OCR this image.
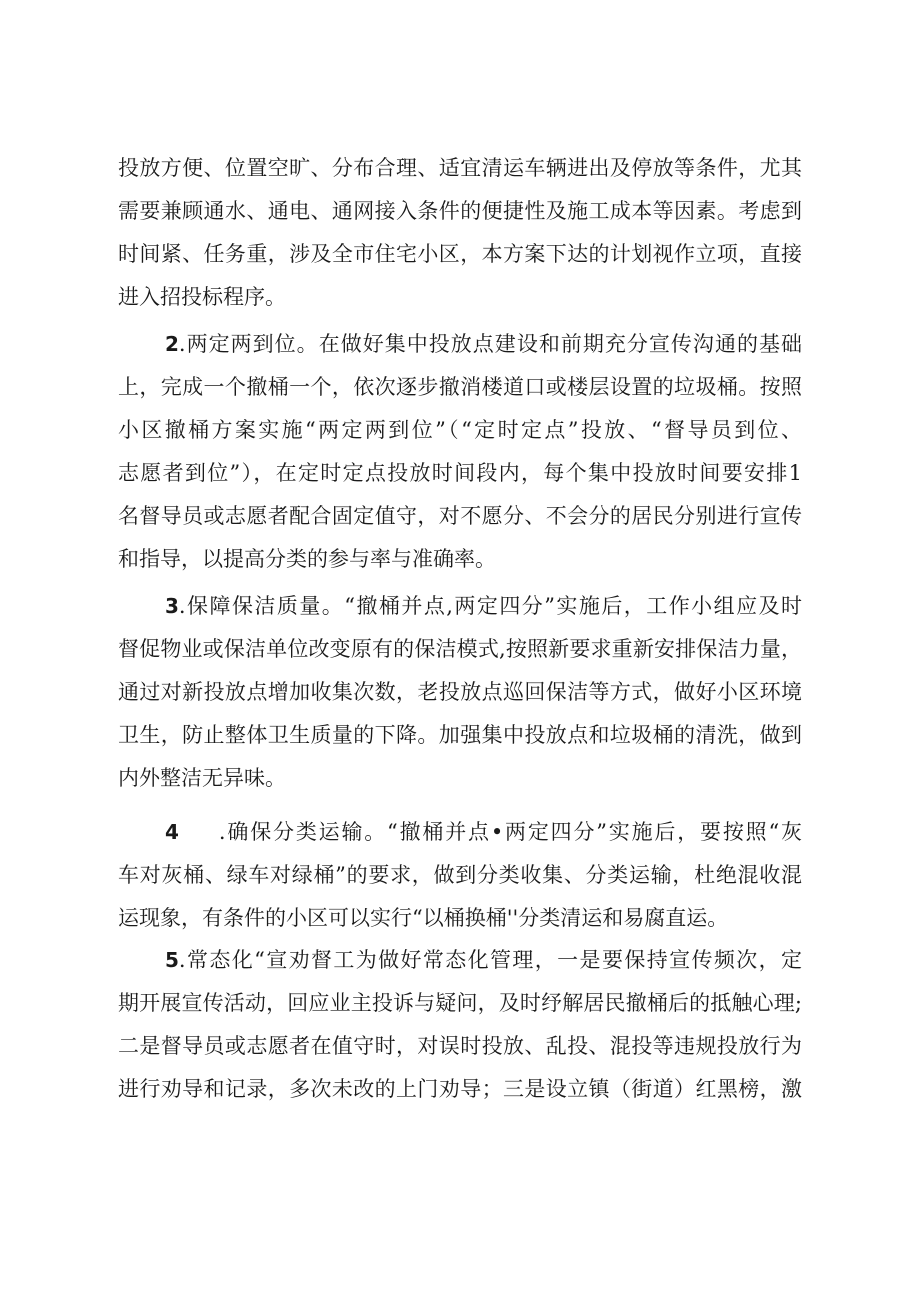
投放方便、位置空旷、分布合理、适宜清运车辆进出及停放等条件，尤其
需要兼顾通水、通电、通网接入条件的便捷性及施工成本等因素。考虑到
时间紧、任务重，涉及全市住宅小区，本方案下达的计划视作立项，直接
进入招投标程序。
2.两定两到位。在做好集中投放点建设和前期充分宣传沟通的基础
上，完成一个撤桶一个，依次逐步撤消楼道口或楼层设置的垃圾桶。按照
小区撤桶方案实施“两定两到位”（“定时定点”投放、“督导员到位、
志愿者到位”），在定时定点投放时间段内，每个集中投放时间要安排1
名督导员或志愿者配合固定值守，对不愿分、不会分的居民分别进行宣传
和指导，以提高分类的参与率与准确率。
3.保障保洁质量。“撤桶并点,两定四分”实施后，工作小组应及时
督促物业或保洁单位改变原有的保洁模式,按照新要求重新安排保洁力量，
通过对新投放点增加收集次数，老投放点巡回保洁等方式，做好小区环境
卫生，防止整体卫生质量的下降。加强集中投放点和垃圾桶的清洗，做到
内外整洁无异味。
4 .确保分类运输。“撤桶并点•两定四分”实施后，要按照“灰
车对灰桶、绿车对绿桶”的要求，做到分类收集、分类运输，杜绝混收混
运现象，有条件的小区可以实行“以桶换桶''分类清运和易腐直运。
5.常态化“宣劝督工为做好常态化管理，一是要保持宣传频次，定
期开展宣传活动，回应业主投诉与疑问，及时纾解居民撤桶后的抵触心理;
二是督导员或志愿者在值守时，对误时投放、乱投、混投等违规投放行为
进行劝导和记录，多次未改的上门劝导；三是设立镇（街道）红黑榜，激
